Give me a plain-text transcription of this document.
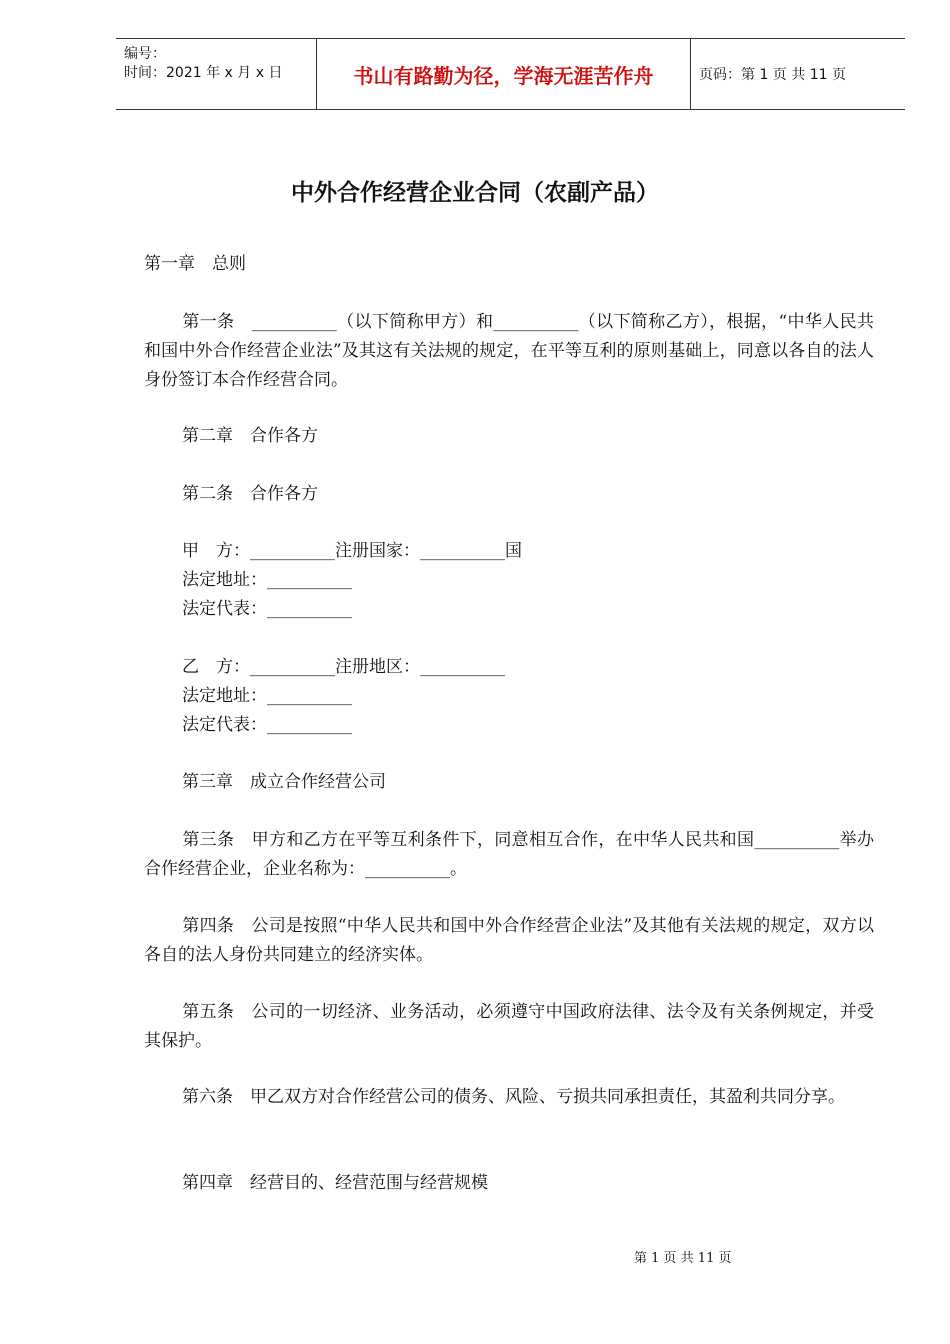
编号：
时间：2021 年 x 月 x 日	书山有路勤为径，学海无涯苦作舟	页码：第 1 页 共 11 页
中外合作经营企业合同（农副产品）
第一章　总则
第一条　__________（以下简称甲方）和__________（以下简称乙方），根据，“中华人民共和国中外合作经营企业法”及其这有关法规的规定，在平等互利的原则基础上，同意以各自的法人身份签订本合作经营合同。
第二章　合作各方
第二条　合作各方
甲　方：__________注册国家：__________国
法定地址：__________
法定代表：__________
乙　方：__________注册地区：__________
法定地址：__________
法定代表：__________
第三章　成立合作经营公司
第三条　甲方和乙方在平等互利条件下，同意相互合作，在中华人民共和国__________举办合作经营企业，企业名称为：__________。
第四条　公司是按照“中华人民共和国中外合作经营企业法”及其他有关法规的规定，双方以各自的法人身份共同建立的经济实体。
第五条　公司的一切经济、业务活动，必须遵守中国政府法律、法令及有关条例规定，并受其保护。
第六条　甲乙双方对合作经营公司的债务、风险、亏损共同承担责任，其盈利共同分享。
第四章　经营目的、经营范围与经营规模
第 1 页 共 11 页
